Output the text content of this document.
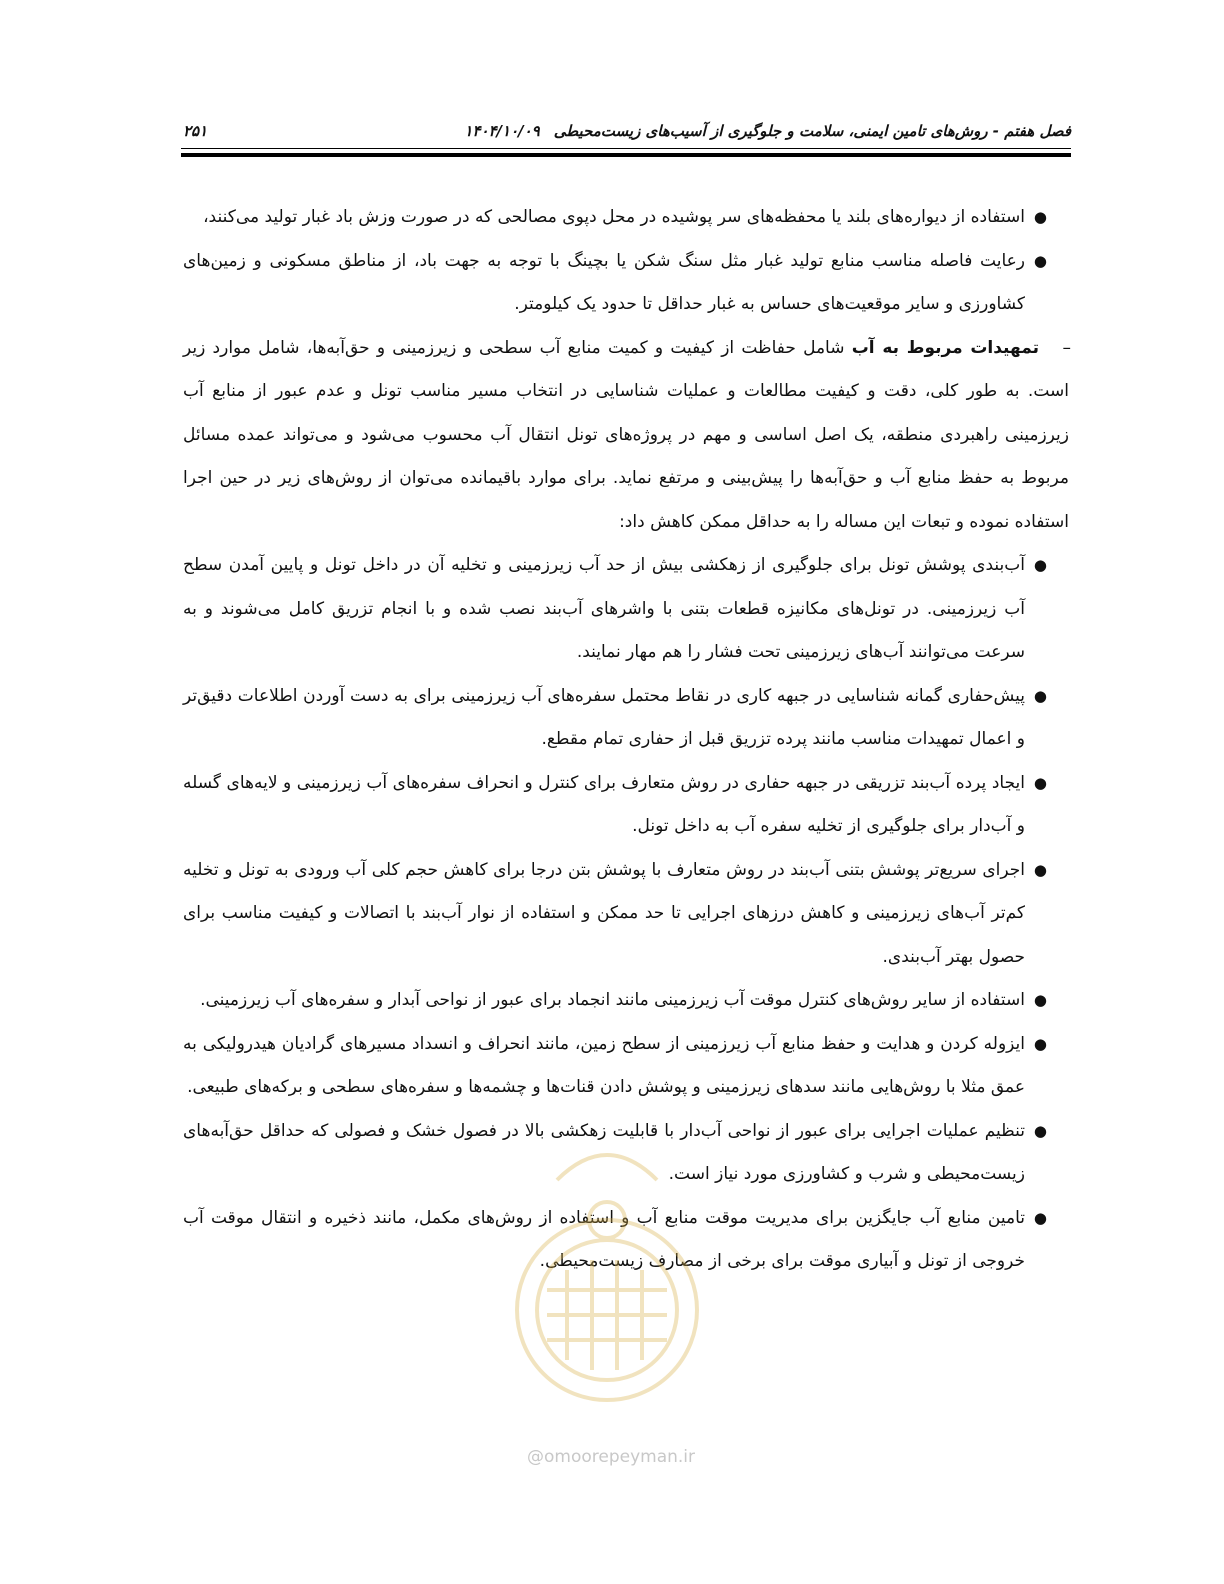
فصل هفتم - روش‌های تامین ایمنی، سلامت و جلوگیری از آسیب‌های زیست‌محیطی۱۴۰۴/۱۰/۰۹
۲۵۱

●
استفاده از دیواره‌های بلند یا محفظه‌های سر پوشیده در محل دپوی مصالحی که در صورت وزش باد غبار تولید می‌کنند،

●
رعایت فاصله مناسب منابع تولید غبار مثل سنگ شکن یا بچینگ با توجه به جهت باد، از مناطق مسکونی و زمین‌های کشاورزی و سایر موقعیت‌های حساس به غبار حداقل تا حدود یک کیلومتر.

–
تمهیدات مربوط به آب شامل حفاظت از کیفیت و کمیت منابع آب سطحی و زیرزمینی و حق‌آبه‌ها، شامل موارد زیر است. به طور کلی، دقت و کیفیت مطالعات و عملیات شناسایی در انتخاب مسیر مناسب تونل و عدم عبور از منابع آب زیرزمینی راهبردی منطقه، یک اصل اساسی و مهم در پروژه‌های تونل انتقال آب محسوب می‌شود و می‌تواند عمده مسائل مربوط به حفظ منابع آب و حق‌آبه‌ها را پیش‌بینی و مرتفع نماید. برای موارد باقیمانده می‌توان از روش‌های زیر در حین اجرا استفاده نموده و تبعات این مساله را به حداقل ممکن کاهش داد:

●
آب‌بندی پوشش تونل برای جلوگیری از زهکشی بیش از حد آب زیرزمینی و تخلیه آن در داخل تونل و پایین آمدن سطح آب زیرزمینی. در تونل‌های مکانیزه قطعات بتنی با واشرهای آب‌بند نصب شده و با انجام تزریق کامل می‌شوند و به سرعت می‌توانند آب‌های زیرزمینی تحت فشار را هم مهار نمایند.

●
پیش‌حفاری گمانه شناسایی در جبهه کاری در نقاط محتمل سفره‌های آب زیرزمینی برای به دست آوردن اطلاعات دقیق‌تر و اعمال تمهیدات مناسب مانند پرده تزریق قبل از حفاری تمام مقطع.

●
ایجاد پرده آب‌بند تزریقی در جبهه حفاری در روش متعارف برای کنترل و انحراف سفره‌های آب زیرزمینی و لایه‌های گسله و آب‌دار برای جلوگیری از تخلیه سفره آب به داخل تونل.

●
اجرای سریع‌تر پوشش بتنی آب‌بند در روش متعارف با پوشش بتن درجا برای کاهش حجم کلی آب ورودی به تونل و تخلیه کم‌تر آب‌های زیرزمینی و کاهش درزهای اجرایی تا حد ممکن و استفاده از نوار آب‌بند با اتصالات و کیفیت مناسب برای حصول بهتر آب‌بندی.

●
استفاده از سایر روش‌های کنترل موقت آب زیرزمینی مانند انجماد برای عبور از نواحی آبدار و سفره‌های آب زیرزمینی.

●
ایزوله کردن و هدایت و حفظ منابع آب زیرزمینی از سطح زمین، مانند انحراف و انسداد مسیرهای گرادیان هیدرولیکی به عمق مثلا با روش‌هایی مانند سدهای زیرزمینی و پوشش دادن قنات‌ها و چشمه‌ها و سفره‌های سطحی و برکه‌های طبیعی.

●
تنظیم عملیات اجرایی برای عبور از نواحی آب‌دار با قابلیت زهکشی بالا در فصول خشک و فصولی که حداقل حق‌آبه‌های زیست‌محیطی و شرب و کشاورزی مورد نیاز است.

●
تامین منابع آب جایگزین برای مدیریت موقت منابع آب و استفاده از روش‌های مکمل، مانند ذخیره و انتقال موقت آب خروجی از تونل و آبیاری موقت برای برخی از مصارف زیست‌محیطی.

@omoorepeyman.ir
